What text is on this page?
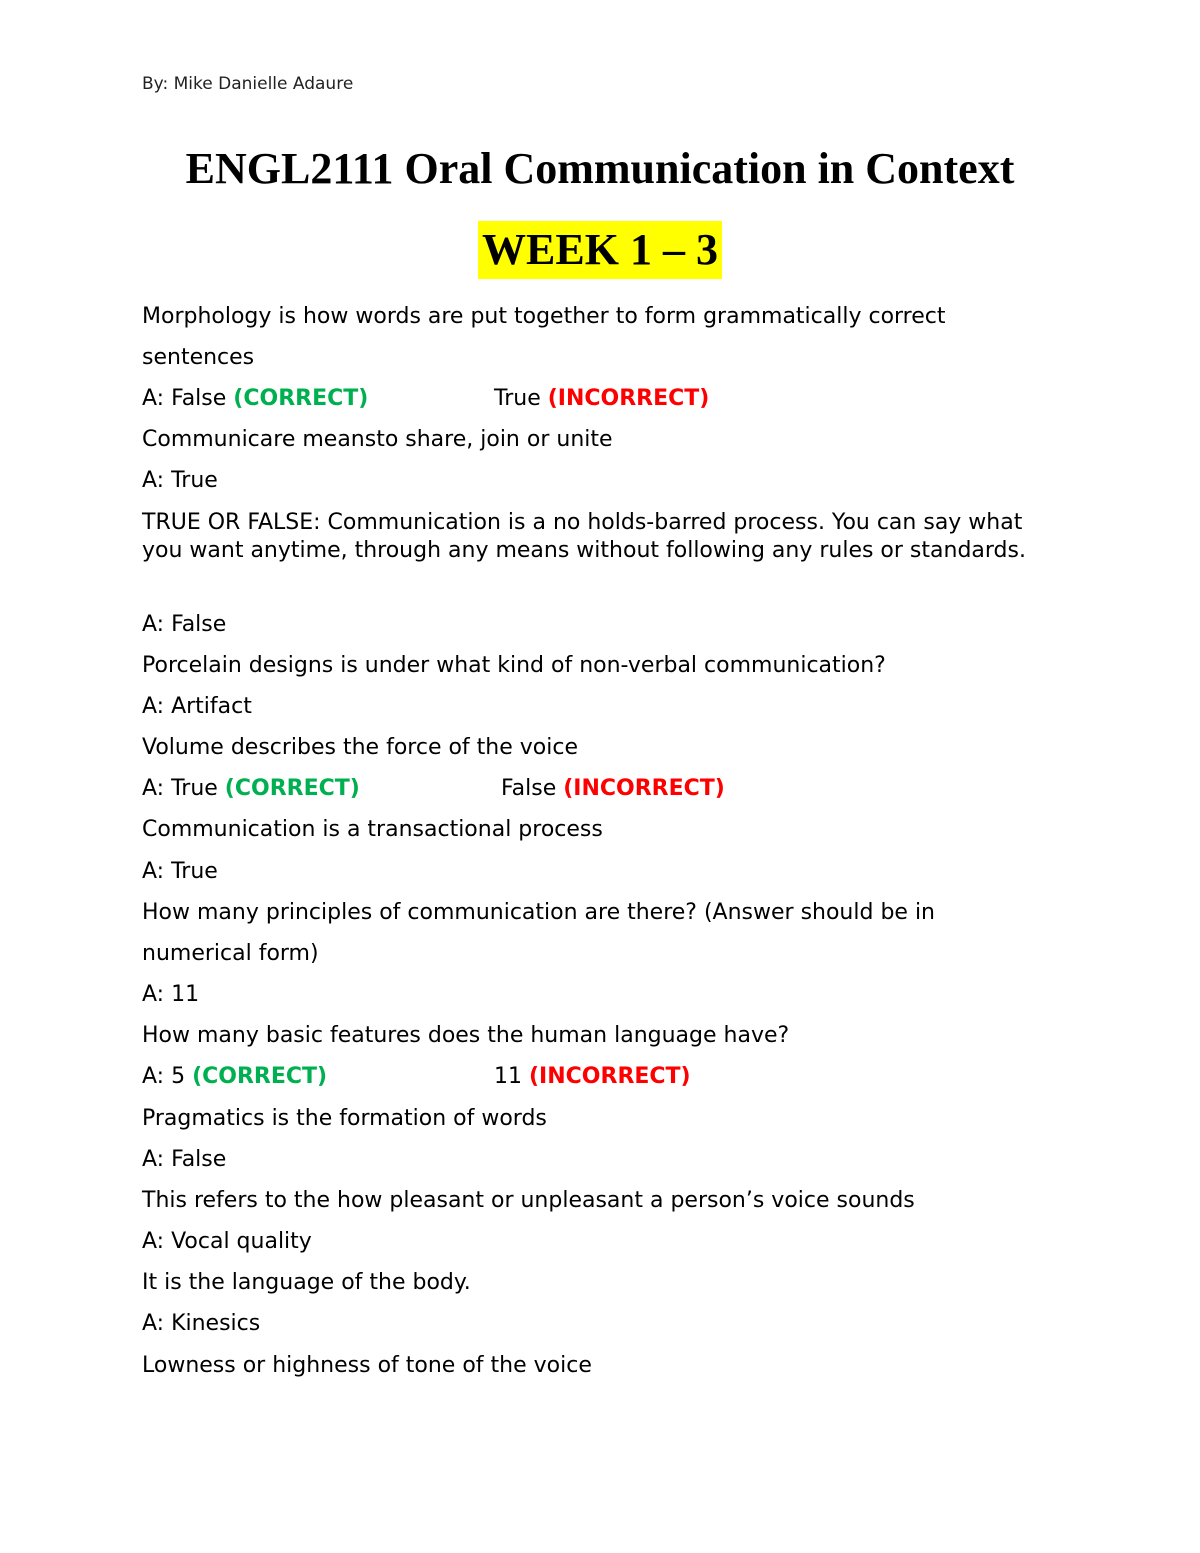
By: Mike Danielle Adaure
ENGL2111 Oral Communication in Context
WEEK 1 – 3
Morphology is how words are put together to form grammatically correct
sentences
A: False (CORRECT)	True (INCORRECT)
Communicare meansto share, join or unite
A: True
TRUE OR FALSE: Communication is a no holds-barred process. You can say what you want anytime, through any means without following any rules or standards.
A: False
Porcelain designs is under what kind of non-verbal communication?
A: Artifact
Volume describes the force of the voice
A: True (CORRECT)	False (INCORRECT)
Communication is a transactional process
A: True
How many principles of communication are there? (Answer should be in
numerical form)
A: 11
How many basic features does the human language have?
A: 5 (CORRECT)	11 (INCORRECT)
Pragmatics is the formation of words
A: False
This refers to the how pleasant or unpleasant a person’s voice sounds
A: Vocal quality
It is the language of the body.
A: Kinesics
Lowness or highness of tone of the voice
